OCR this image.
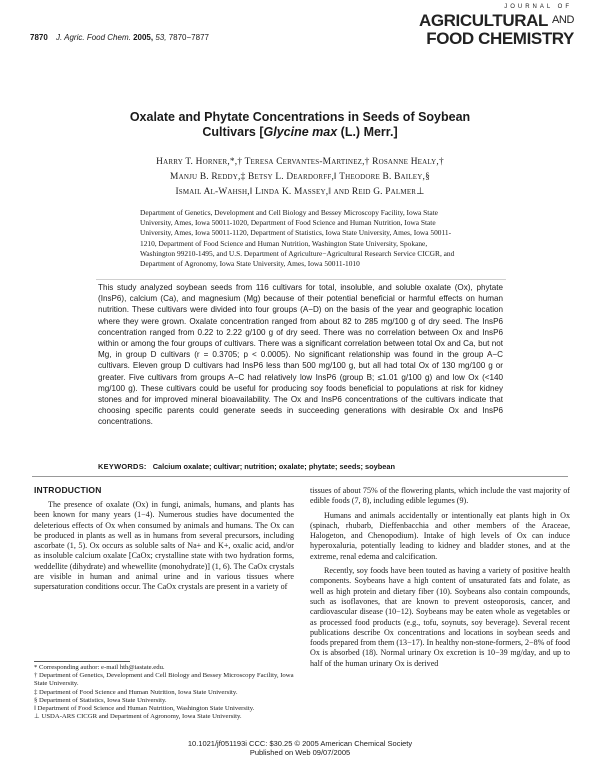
7870 J. Agric. Food Chem. 2005, 53, 7870−7877
JOURNAL OF
AGRICULTURAL AND
FOOD CHEMISTRY
Oxalate and Phytate Concentrations in Seeds of Soybean
Cultivars [Glycine max (L.) Merr.]
Harry T. Horner,*,† Teresa Cervantes-Martinez,† Rosanne Healy,†
Manju B. Reddy,‡ Betsy L. Deardorff,‖ Theodore B. Bailey,§
Ismail Al-Wahsh,‖ Linda K. Massey,‖ and Reid G. Palmer⊥
Department of Genetics, Development and Cell Biology and Bessey Microscopy Facility, Iowa State University, Ames, Iowa 50011-1020, Department of Food Science and Human Nutrition, Iowa State University, Ames, Iowa 50011-1120, Department of Statistics, Iowa State University, Ames, Iowa 50011-1210, Department of Food Science and Human Nutrition, Washington State University, Spokane, Washington 99210-1495, and U.S. Department of Agriculture−Agricultural Research Service CICGR, and Department of Agronomy, Iowa State University, Ames, Iowa 50011-1010
This study analyzed soybean seeds from 116 cultivars for total, insoluble, and soluble oxalate (Ox), phytate (InsP6), calcium (Ca), and magnesium (Mg) because of their potential beneficial or harmful effects on human nutrition. These cultivars were divided into four groups (A−D) on the basis of the year and geographic location where they were grown. Oxalate concentration ranged from about 82 to 285 mg/100 g of dry seed. The InsP6 concentration ranged from 0.22 to 2.22 g/100 g of dry seed. There was no correlation between Ox and InsP6 within or among the four groups of cultivars. There was a significant correlation between total Ox and Ca, but not Mg, in group D cultivars (r = 0.3705; p < 0.0005). No significant relationship was found in the group A−C cultivars. Eleven group D cultivars had InsP6 less than 500 mg/100 g, but all had total Ox of 130 mg/100 g or greater. Five cultivars from groups A−C had relatively low InsP6 (group B; ≤1.01 g/100 g) and low Ox (<140 mg/100 g). These cultivars could be useful for producing soy foods beneficial to populations at risk for kidney stones and for improved mineral bioavailability. The Ox and InsP6 concentrations of the cultivars indicate that choosing specific parents could generate seeds in succeeding generations with desirable Ox and InsP6 concentrations.
KEYWORDS: Calcium oxalate; cultivar; nutrition; oxalate; phytate; seeds; soybean
INTRODUCTION

The presence of oxalate (Ox) in fungi, animals, humans, and plants has been known for many years (1−4). Numerous studies have documented the deleterious effects of Ox when consumed by animals and humans. The Ox can be produced in plants as well as in humans from several precursors, including ascorbate (1, 5). Ox occurs as soluble salts of Na+ and K+, oxalic acid, and/or as insoluble calcium oxalate [CaOx; crystalline state with two hydration forms, weddellite (dihydrate) and whewellite (monohydrate)] (1, 6). The CaOx crystals are visible in human and animal urine and in various tissues where supersaturation conditions occur. The CaOx crystals are present in a variety of

tissues of about 75% of the flowering plants, which include the vast majority of edible foods (7, 8), including edible legumes (9).

Humans and animals accidentally or intentionally eat plants high in Ox (spinach, rhubarb, Dieffenbacchia and other members of the Araceae, Halogeton, and Chenopodium). Intake of high levels of Ox can induce hyperoxaluria, potentially leading to kidney and bladder stones, and at the extreme, renal edema and calcification.

Recently, soy foods have been touted as having a variety of positive health components. Soybeans have a high content of unsaturated fats and folate, as well as high protein and dietary fiber (10). Soybeans also contain compounds, such as isoflavones, that are known to prevent osteoporosis, cancer, and cardiovascular disease (10−12). Soybeans may be eaten whole as vegetables or as processed food products (e.g., tofu, soynuts, soy beverage). Several recent publications describe Ox concentrations and locations in soybean seeds and foods prepared from them (13−17). In healthy non-stone-formers, 2−8% of food Ox is absorbed (18). Normal urinary Ox excretion is 10−39 mg/day, and up to half of the human urinary Ox is derived

* Corresponding author: e-mail hth@iastate.edu.
† Department of Genetics, Development and Cell Biology and Bessey Microscopy Facility, Iowa State University.
‡ Department of Food Science and Human Nutrition, Iowa State University.
§ Department of Statistics, Iowa State University.
‖ Department of Food Science and Human Nutrition, Washington State University.
⊥ USDA-ARS CICGR and Department of Agronomy, Iowa State University.
10.1021/jf051193i CCC: $30.25 © 2005 American Chemical Society
Published on Web 09/07/2005
